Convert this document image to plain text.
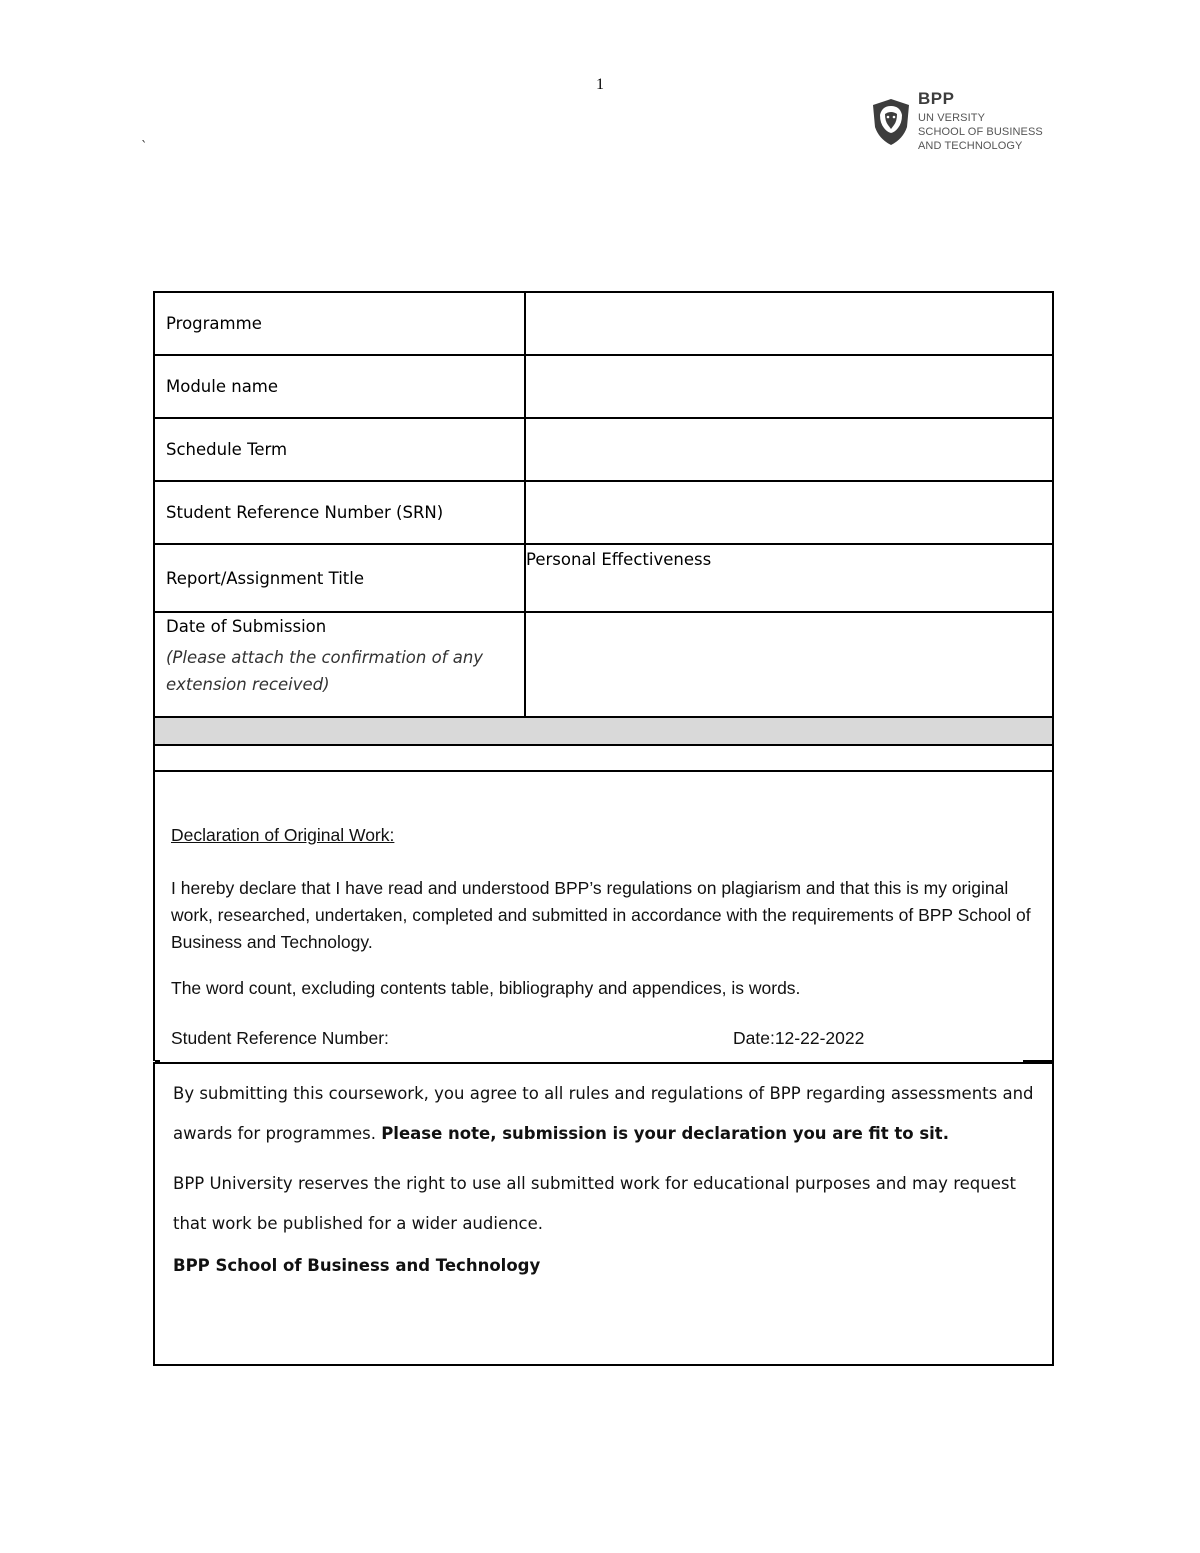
1
`
BPP
UN VERSITY
SCHOOL OF BUSINESS
AND TECHNOLOGY
Programme	
Module name	
Schedule Term	
Student Reference Number (SRN)	
Report/Assignment Title	Personal Effectiveness

Date of Submission
(Please attach the confirmation of any extension received)	

Declaration of Original Work:
I hereby declare that I have read and understood BPP’s regulations on plagiarism and that this is my original work, researched, undertaken, completed and submitted in accordance with the requirements of BPP School of Business and Technology.
The word count, excluding contents table, bibliography and appendices, is words.
Student Reference Number:	Date:12-22-2022
By submitting this coursework, you agree to all rules and regulations of BPP regarding assessments and awards for programmes. Please note, submission is your declaration you are fit to sit.
BPP University reserves the right to use all submitted work for educational purposes and may request that work be published for a wider audience.
BPP School of Business and Technology
